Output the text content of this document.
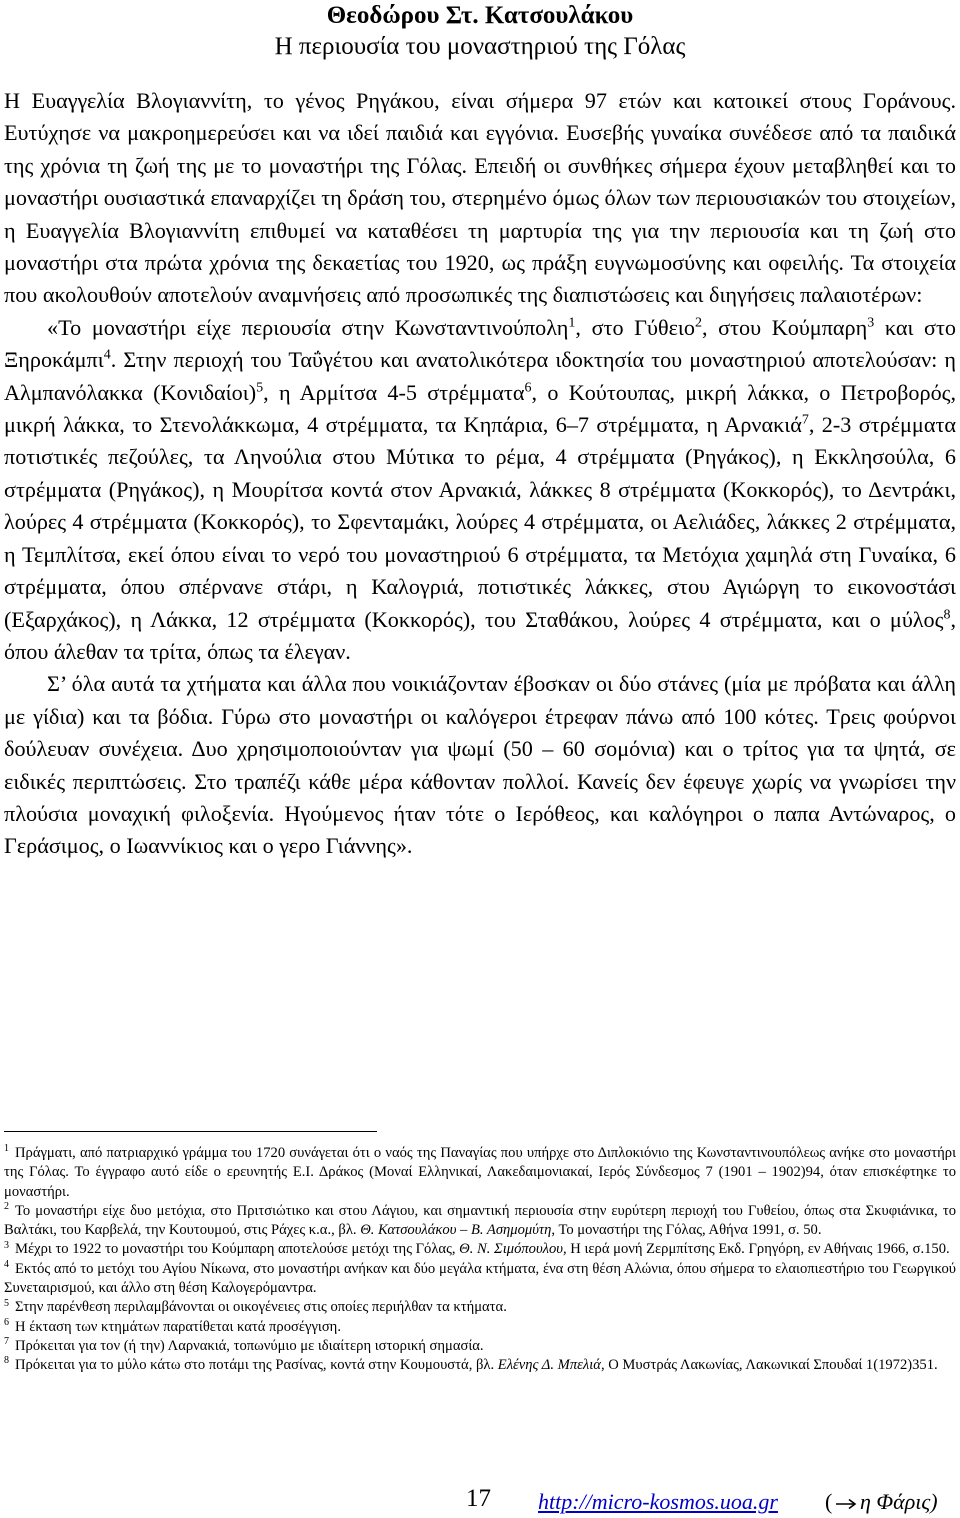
Θεοδώρου Στ. Κατσουλάκου
Η περιουσία του μοναστηριού της Γόλας

Η Ευαγγελία Βλογιαννίτη, το γένος Ρηγάκου, είναι σήμερα 97 ετών και κατοικεί στους Γοράνους. Ευτύχησε να μακροημερεύσει και να ιδεί παιδιά και εγγόνια. Ευσεβής γυναίκα συνέδεσε από τα παιδικά της χρόνια τη ζωή της με το μοναστήρι της Γόλας. Επειδή οι συνθήκες σήμερα έχουν μεταβληθεί και το μοναστήρι ουσιαστικά επαναρχίζει τη δράση του, στερημένο όμως όλων των περιουσιακών του στοιχείων, η Ευαγγελία Βλογιαννίτη επιθυμεί να καταθέσει τη μαρτυρία της για την περιουσία και τη ζωή στο μοναστήρι στα πρώτα χρόνια της δεκαετίας του 1920, ως πράξη ευγνωμοσύνης και οφειλής. Τα στοιχεία που ακολουθούν αποτελούν αναμνήσεις από προσωπικές της διαπιστώσεις και διηγήσεις παλαιοτέρων:

«Το μοναστήρι είχε περιουσία στην Κωνσταντινούπολη$^1$, στο Γύθειο$^2$, στου Κούμπαρη$^3$ και στο Ξηροκάμπι$^4$. Στην περιοχή του Ταΰγέτου και ανατολικότερα ιδοκτησία του μοναστηριού αποτελούσαν: η Αλμπανόλακκα $(Ko\nu\iota\delta\alpha ίo\iota)^5$, η Αρμίτσα 4-5 στρέμματα$^6$, ο Κούτουπας, μικρή λάκκα, ο Πετροβορός, μικρή λάκκα, το Στενολάκκωμα, 4 στρέμματα, τα Κηπάρια, 6–7 στρέμματα, η Αρνακιά$^7$, 2-3 στρέμματα ποτιστικές πεζούλες, τα Ληνούλια στου Μύτικα το ρέμα, 4 στρέμματα (Ρηγάκος), η Εκκλησούλα, 6 στρέμματα (Ρηγάκος), η Μουρίτσα κοντά στον Αρνακιά, λάκκες 8 στρέμματα (Κοκκορός), το Δεντράκι, λούρες 4 στρέμματα (Κοκκορός), το Σφενταμάκι, λούρες 4 στρέμματα, οι Αελιάδες, λάκκες 2 στρέμματα, η Τεμπλίτσα, εκεί όπου είναι το νερό του μοναστηριού 6 στρέμματα, τα Μετόχια χαμηλά στη Γυναίκα, 6 στρέμματα, όπου σπέρνανε στάρι, η Καλογριά, ποτιστικές λάκκες, στου Αγιώργη το εικονοστάσι (Εξαρχάκος), η Λάκκα, 12 στρέμματα (Κοκκορός), του Σταθάκου, λούρες 4 στρέμματα, και ο μύλος$^8$, όπου άλεθαν τα τρίτα, όπως τα έλεγαν.

Σ’ όλα αυτά τα χτήματα και άλλα που νοικιάζονταν έβοσκαν οι δύο στάνες (μία με πρόβατα και άλλη με γίδια) και τα βόδια. Γύρω στο μοναστήρι οι καλόγεροι έτρεφαν πάνω από 100 κότες. Τρεις φούρνοι δούλευαν συνέχεια. Δυο χρησιμοποιούνταν για ψωμί (50 – 60 σομόνια) και ο τρίτος για τα ψητά, σε ειδικές περιπτώσεις. Στο τραπέζι κάθε μέρα κάθονταν πολλοί. Κανείς δεν έφευγε χωρίς να γνωρίσει την πλούσια μοναχική φιλοξενία. Ηγούμενος ήταν τότε ο Ιερόθεος, και καλόγηροι ο παπα Αντώναρος, ο Γεράσιμος, ο Ιωαννίκιος και ο γερο Γιάννης».

$^1$ Πράγματι, από πατριαρχικό γράμμα του 1720 συνάγεται ότι ο ναός της Παναγίας που υπήρχε στο Διπλοκιόνιο της Κωνσταντινουπόλεως ανήκε στο μοναστήρι της Γόλας. Το έγγραφο αυτό είδε ο ερευνητής Ε.Ι. Δράκος (Μοναί Ελληνικαί, Λακεδαιμονιακαί, Ιερός Σύνδεσμος 7 (1901 – 1902)94, όταν επισκέφτηκε το μοναστήρι.

$^2$ Το μοναστήρι είχε δυο μετόχια, στο Πριτσιώτικο και στου Λάγιου, και σημαντική περιουσία στην ευρύτερη περιοχή του Γυθείου, όπως στα Σκυφιάνικα, το Βαλτάκι, του Καρβελά, την Κουτουμού, στις Ράχες κ.α., βλ. Θ. Κατσουλάκου – Β. Ασημομύτη, Το μοναστήρι της Γόλας, Αθήνα 1991, σ. 50.

$^3$ Μέχρι το 1922 το μοναστήρι του Κούμπαρη αποτελούσε μετόχι της Γόλας, Θ. Ν. Σιμόπουλου, Η ιερά μονή Ζερμπίτσης Εκδ. Γρηγόρη, εν Αθήναις 1966, σ.150.

$^4$ Εκτός από το μετόχι του Αγίου Νίκωνα, στο μοναστήρι ανήκαν και δύο μεγάλα κτήματα, ένα στη θέση Αλώνια, όπου σήμερα το ελαιοπιεστήριο του Γεωργικού Συνεταιρισμού, και άλλο στη θέση Καλογερόμαντρα.

$^5$ Στην παρένθεση περιλαμβάνονται οι οικογένειες στις οποίες περιήλθαν τα κτήματα.

$^6$ Η έκταση των κτημάτων παρατίθεται κατά προσέγγιση.

$^7$ Πρόκειται για τον (ή την) Λαρνακιά, τοπωνύμιο με ιδιαίτερη ιστορική σημασία.

$^8$ Πρόκειται για το μύλο κάτω στο ποτάμι της Ρασίνας, κοντά στην Κουμουστά, βλ. Ελένης Δ. Μπελιά, Ο Μυστράς Λακωνίας, Λακωνικαί Σπουδαί 1(1972)351.

17 http://micro-kosmos.uoa.gr ( η Φάρις)
